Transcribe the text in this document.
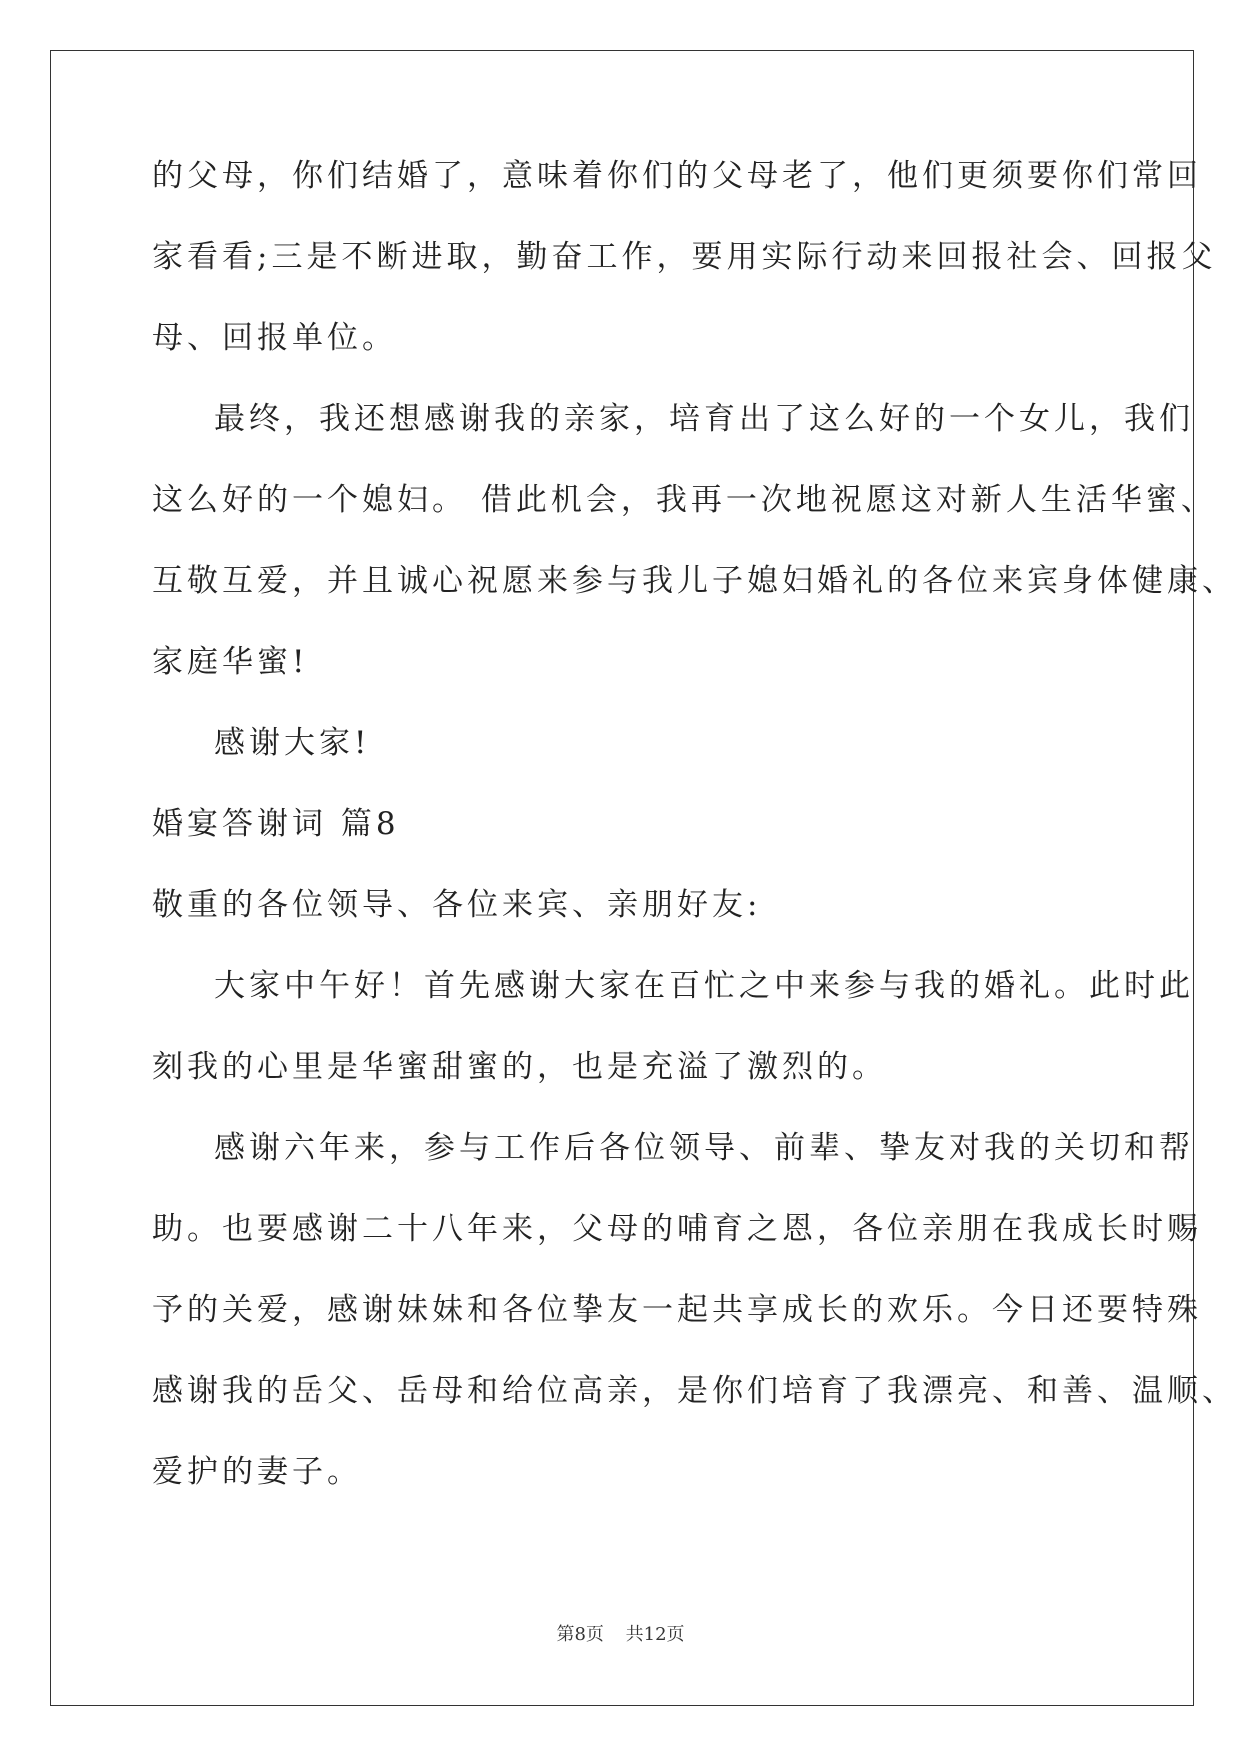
的父母，你们结婚了，意味着你们的父母老了，他们更须要你们常回
家看看;三是不断进取，勤奋工作，要用实际行动来回报社会、回报父
母、回报单位。
最终，我还想感谢我的亲家，培育出了这么好的一个女儿，我们
这么好的一个媳妇。 借此机会，我再一次地祝愿这对新人生活华蜜、
互敬互爱，并且诚心祝愿来参与我儿子媳妇婚礼的各位来宾身体健康、
家庭华蜜!
感谢大家!
婚宴答谢词 篇8
敬重的各位领导、各位来宾、亲朋好友:
大家中午好！首先感谢大家在百忙之中来参与我的婚礼。此时此
刻我的心里是华蜜甜蜜的，也是充溢了激烈的。
感谢六年来，参与工作后各位领导、前辈、挚友对我的关切和帮
助。也要感谢二十八年来，父母的哺育之恩，各位亲朋在我成长时赐
予的关爱，感谢妹妹和各位挚友一起共享成长的欢乐。今日还要特殊
感谢我的岳父、岳母和给位高亲，是你们培育了我漂亮、和善、温顺、
爱护的妻子。
第8页 共12页
